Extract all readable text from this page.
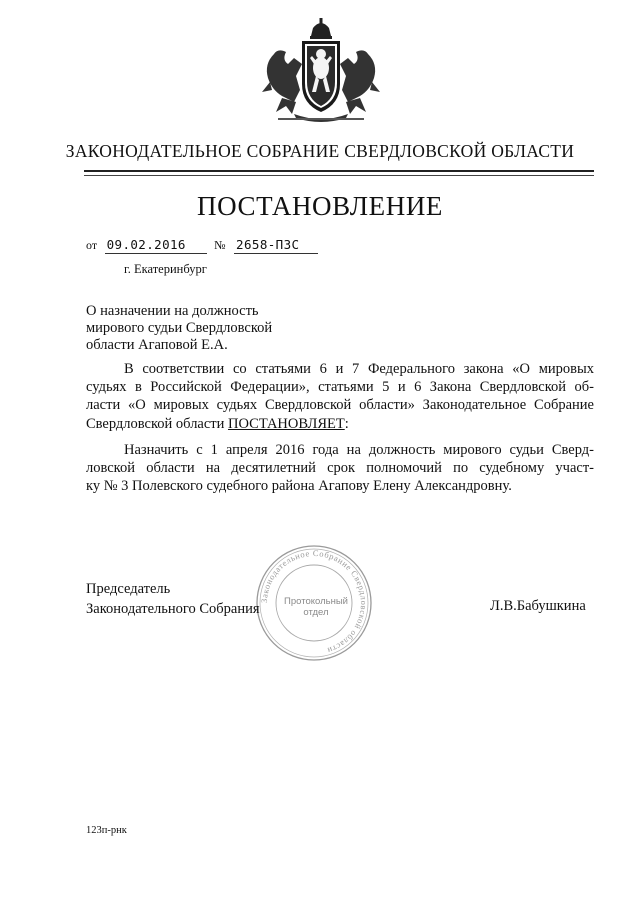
ЗАКОНОДАТЕЛЬНОЕ СОБРАНИЕ СВЕРДЛОВСКОЙ ОБЛАСТИ
ПОСТАНОВЛЕНИЕ
от 09.02.2016 № 2658-ПЗС
г. Екатеринбург
О назначении на должность
мирового судьи Свердловской
области Агаповой Е.А.
В соответствии со статьями 6 и 7 Федерального закона «О мировых
судьях в Российской Федерации», статьями 5 и 6 Закона Свердловской об-
ласти «О мировых судьях Свердловской области» Законодательное Собрание
Свердловской области ПОСТАНОВЛЯЕТ:
Назначить с 1 апреля 2016 года на должность мирового судьи Сверд-
ловской области на десятилетний срок полномочий по судебному участ-
ку № 3 Полевского судебного района Агапову Елену Александровну.
Законодательное Собрание Свердловской области
Протокольный
отдел
Председатель
Законодательного Собрания	Л.В.Бабушкина
123п-рнк
